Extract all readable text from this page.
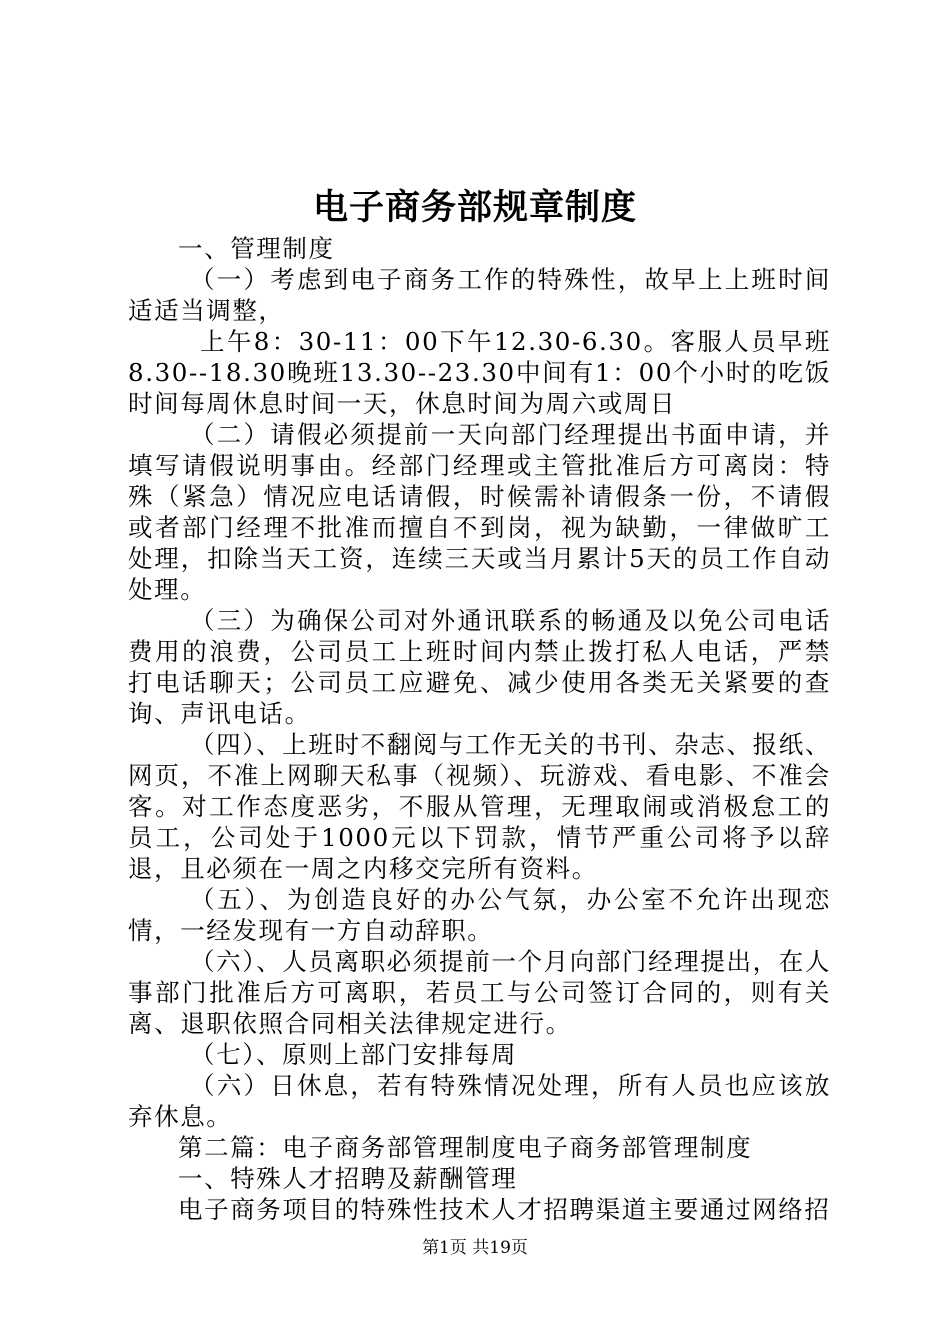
电子商务部规章制度

一、管理制度

（一）考虑到电子商务工作的特殊性，故早上上班时间适适当调整，

上午8：30-11：00下午12.30-6.30。客服人员早班8.30--18.30晚班13.30--23.30中间有1：00个小时的吃饭时间每周休息时间一天，休息时间为周六或周日

（二）请假必须提前一天向部门经理提出书面申请，并填写请假说明事由。经部门经理或主管批准后方可离岗：特殊（紧急）情况应电话请假，时候需补请假条一份，不请假或者部门经理不批准而擅自不到岗，视为缺勤，一律做旷工处理，扣除当天工资，连续三天或当月累计5天的员工作自动处理。

（三）为确保公司对外通讯联系的畅通及以免公司电话费用的浪费，公司员工上班时间内禁止拨打私人电话，严禁打电话聊天；公司员工应避免、减少使用各类无关紧要的查询、声讯电话。

（四）、上班时不翻阅与工作无关的书刊、杂志、报纸、网页，不准上网聊天私事（视频）、玩游戏、看电影、不准会客。对工作态度恶劣，不服从管理，无理取闹或消极怠工的员工，公司处于1000元以下罚款，情节严重公司将予以辞退，且必须在一周之内移交完所有资料。

（五）、为创造良好的办公气氛，办公室不允许出现恋情，一经发现有一方自动辞职。

（六）、人员离职必须提前一个月向部门经理提出，在人事部门批准后方可离职，若员工与公司签订合同的，则有关离、退职依照合同相关法律规定进行。

（七）、原则上部门安排每周

（六）日休息，若有特殊情况处理，所有人员也应该放弃休息。

第二篇：电子商务部管理制度电子商务部管理制度

一、特殊人才招聘及薪酬管理

电子商务项目的特殊性技术人才招聘渠道主要通过网络招

第1页 共19页
